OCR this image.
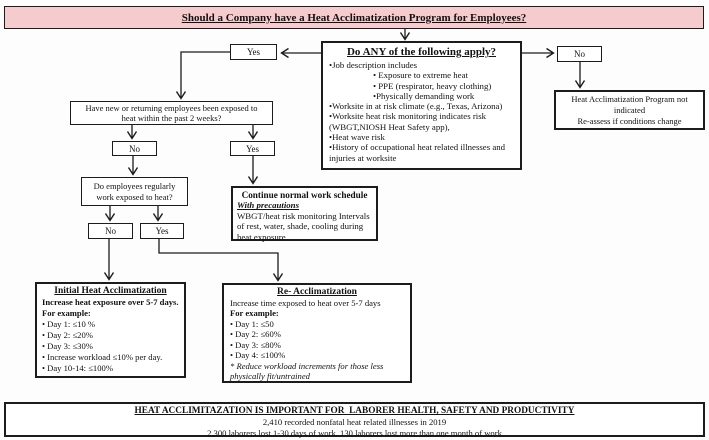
Should a Company have a Heat Acclimatization Program for Employees?
Do ANY of the following apply?
•Job description includes
• Exposure to extreme heat
• PPE (respirator, heavy clothing)
•Physically demanding work
•Worksite in at risk climate (e.g., Texas, Arizona)
•Worksite heat risk monitoring indicates risk (WBGT,NIOSH Heat Safety app),
•Heat wave risk
•History of occupational heat related illnesses and injuries at worksite
Yes	No
Heat Acclimatization Program not indicated
Re-assess if conditions change
Have new or returning employees been exposed to heat within the past 2 weeks?
No	Yes
Do employees regularly work exposed to heat?
No	Yes
Continue normal work schedule
With precautions
WBGT/heat risk monitoring Intervals of rest, water, shade, cooling during heat exposure
Initial Heat Acclimatization
Increase heat exposure over 5-7 days.
For example:
• Day 1: ≤10 %
• Day 2: ≤20%
• Day 3: ≤30%
• Increase workload ≤10% per day.
• Day 10-14: ≤100%
Re- Acclimatization
Increase time exposed to heat over 5-7 days
For example:
• Day 1: ≤50
• Day 2: ≤60%
• Day 3: ≤80%
• Day 4: ≤100%
* Reduce workload increments for those less physically fit/untrained
HEAT ACCLIMITAZATION IS IMPORTANT FOR  LABORER HEALTH, SAFETY AND PRODUCTIVITY
2,410 recorded nonfatal heat related illnesses in 2019
2,300 laborers lost 1-30 days of work. 130 laborers lost more than one month of work
